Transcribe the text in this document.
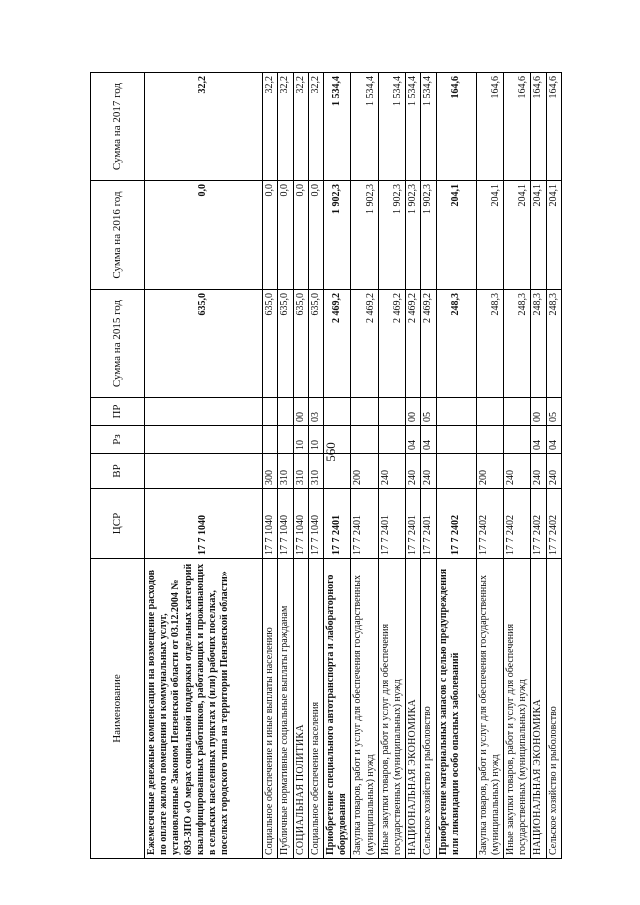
560
Наименование	ЦСР	ВР	Рз	ПР	Сумма на 2015 год	Сумма на 2016 год	Сумма на 2017 год
Ежемесячные денежные компенсации на возмещение расходов по оплате жилого помещения и коммунальных услуг, установленные Законом Пензенской области от 03.12.2004 № 693-ЗПО «О мерах социальной поддержки отдельных категорий квалифицированных работников, работающих и проживающих в сельских населенных пунктах и (или) рабочих поселках, поселках городского типа на территории Пензенской области»	17 7 1040				635,0	0,0	32,2
Социальное обеспечение и иные выплаты населению	17 7 1040	300			635,0	0,0	32,2
Публичные нормативные социальные выплаты гражданам	17 7 1040	310			635,0	0,0	32,2
СОЦИАЛЬНАЯ ПОЛИТИКА	17 7 1040	310	10	00	635,0	0,0	32,2
Социальное обеспечение населения	17 7 1040	310	10	03	635,0	0,0	32,2
Приобретение специального автотранспорта и лабораторного оборудования	17 7 2401				2 469,2	1 902,3	1 534,4
Закупка товаров, работ и услуг для обеспечения государственных (муниципальных) нужд	17 7 2401	200			2 469,2	1 902,3	1 534,4
Иные закупки товаров, работ и услуг для обеспечения государственных (муниципальных) нужд	17 7 2401	240			2 469,2	1 902,3	1 534,4
НАЦИОНАЛЬНАЯ ЭКОНОМИКА	17 7 2401	240	04	00	2 469,2	1 902,3	1 534,4
Сельское хозяйство и рыболовство	17 7 2401	240	04	05	2 469,2	1 902,3	1 534,4
Приобретение материальных запасов с целью предупреждения или ликвидации особо опасных заболеваний	17 7 2402				248,3	204,1	164,6
Закупка товаров, работ и услуг для обеспечения государственных (муниципальных) нужд	17 7 2402	200			248,3	204,1	164,6
Иные закупки товаров, работ и услуг для обеспечения государственных (муниципальных) нужд	17 7 2402	240			248,3	204,1	164,6
НАЦИОНАЛЬНАЯ ЭКОНОМИКА	17 7 2402	240	04	00	248,3	204,1	164,6
Сельское хозяйство и рыболовство	17 7 2402	240	04	05	248,3	204,1	164,6
